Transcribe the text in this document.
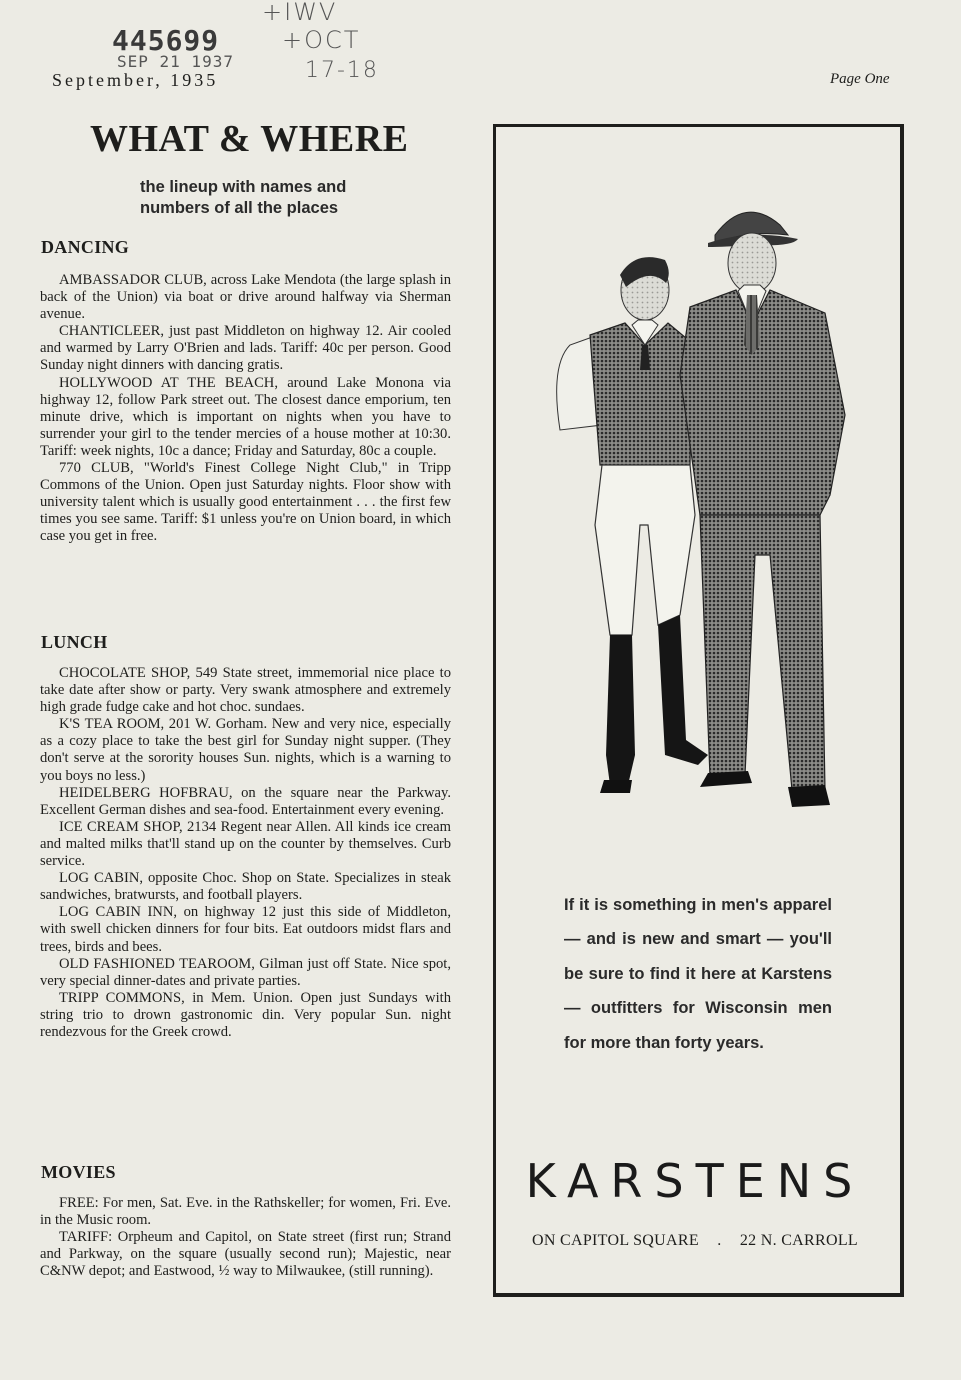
445699
SEP 21 1937
+IWV
+OCT
17-18
September, 1935	Page One
WHAT & WHERE
the lineup with names and numbers of all the places
DANCING

AMBASSADOR CLUB, across Lake Mendota (the large splash in back of the Union) via boat or drive around halfway via Sherman avenue.

CHANTICLEER, just past Middleton on highway 12. Air cooled and warmed by Larry O'Brien and lads. Tariff: 40c per person. Good Sunday night dinners with dancing gratis.

HOLLYWOOD AT THE BEACH, around Lake Monona via highway 12, follow Park street out. The closest dance emporium, ten minute drive, which is important on nights when you have to surrender your girl to the tender mercies of a house mother at 10:30. Tariff: week nights, 10c a dance; Friday and Saturday, 80c a couple.

770 CLUB, "World's Finest College Night Club," in Tripp Commons of the Union. Open just Saturday nights. Floor show with university talent which is usually good entertainment . . . the first few times you see same. Tariff: $1 unless you're on Union board, in which case you get in free.

LUNCH

CHOCOLATE SHOP, 549 State street, immemorial nice place to take date after show or party. Very swank atmosphere and extremely high grade fudge cake and hot choc. sundaes.

K'S TEA ROOM, 201 W. Gorham. New and very nice, especially as a cozy place to take the best girl for Sunday night supper. (They don't serve at the sorority houses Sun. nights, which is a warning to you boys no less.)

HEIDELBERG HOFBRAU, on the square near the Parkway. Excellent German dishes and sea-food. Entertainment every evening.

ICE CREAM SHOP, 2134 Regent near Allen. All kinds ice cream and malted milks that'll stand up on the counter by themselves. Curb service.

LOG CABIN, opposite Choc. Shop on State. Specializes in steak sandwiches, bratwursts, and football players.

LOG CABIN INN, on highway 12 just this side of Middleton, with swell chicken dinners for four bits. Eat outdoors midst flars and trees, birds and bees.

OLD FASHIONED TEAROOM, Gilman just off State. Nice spot, very special dinner-dates and private parties.

TRIPP COMMONS, in Mem. Union. Open just Sundays with string trio to drown gastronomic din. Very popular Sun. night rendezvous for the Greek crowd.

MOVIES

FREE: For men, Sat. Eve. in the Rathskeller; for women, Fri. Eve. in the Music room.

TARIFF: Orpheum and Capitol, on State street (first run; Strand and Parkway, on the square (usually second run); Majestic, near C&NW depot; and Eastwood, ½ way to Milwaukee, (still running).

If it is something in men's apparel — and is new and smart — you'll be sure to find it here at Karstens — outfitters for Wisconsin men for more than forty years.
KARSTENS
ON CAPITOL SQUARE . 22 N. CARROLL
